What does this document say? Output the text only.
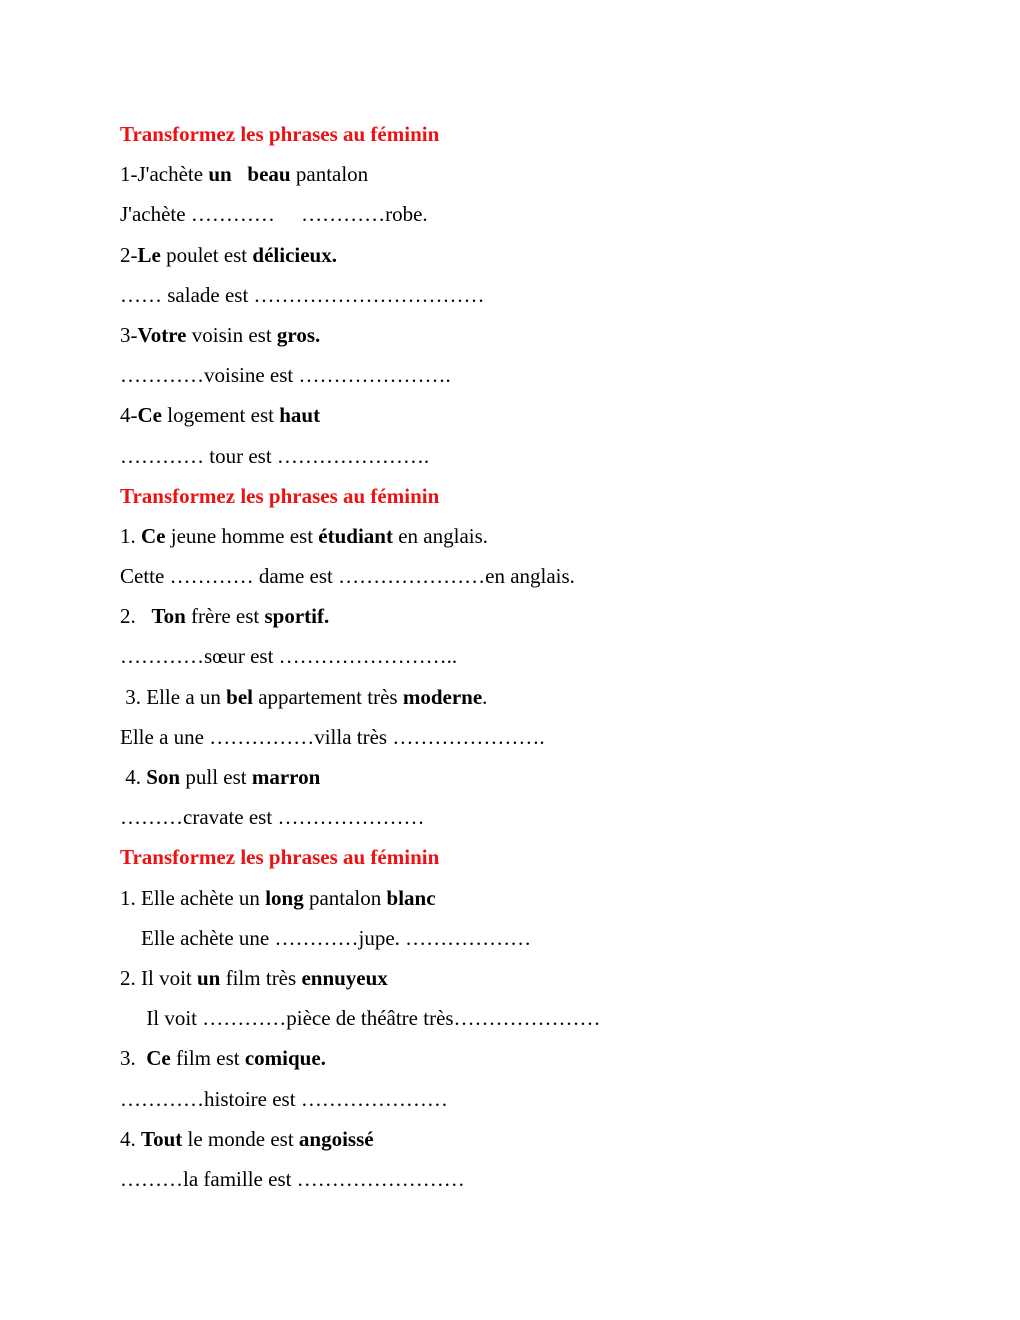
Transformez les phrases au féminin
1-J'achète un   beau pantalon
J'achète …………     …………robe.
2-Le poulet est délicieux.
…… salade est ……………………………
3-Votre voisin est gros.
…………voisine est ………………….
4-Ce logement est haut
………… tour est ………………….
Transformez les phrases au féminin
1. Ce jeune homme est étudiant en anglais.
Cette ………… dame est …………………en anglais.
2.   Ton frère est sportif.
…………sœur est ……………………..
3. Elle a un bel appartement très moderne.
Elle a une ……………villa très ………………….
4. Son pull est marron
………cravate est …………………
Transformez les phrases au féminin
1. Elle achète un long pantalon blanc
Elle achète une …………jupe. ………………
2. Il voit un film très ennuyeux
Il voit …………pièce de théâtre très…………………
3.  Ce film est comique.
…………histoire est …………………
4. Tout le monde est angoissé
………la famille est ……………………
